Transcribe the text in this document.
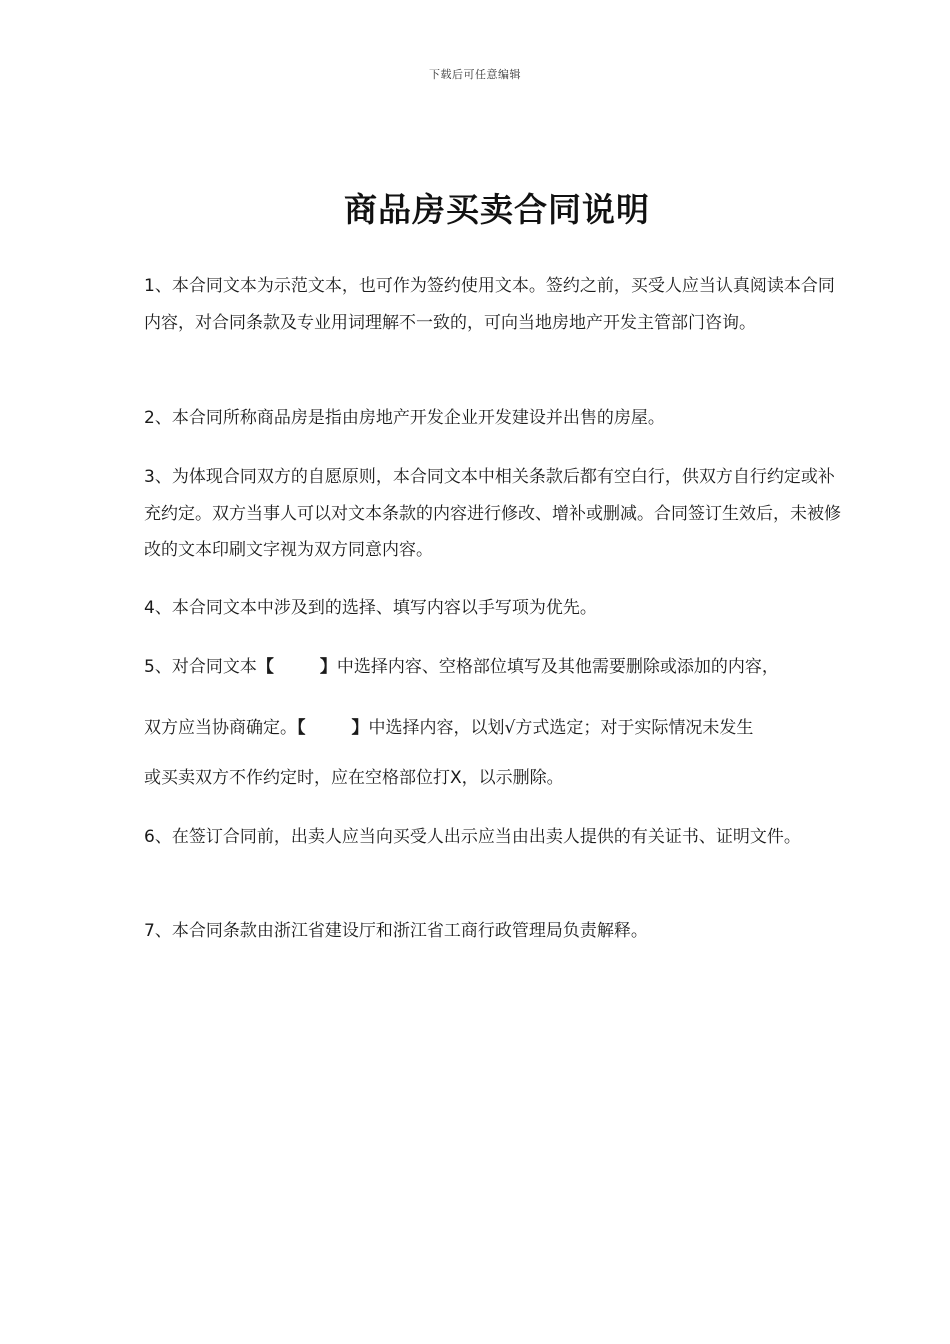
下载后可任意编辑
商品房买卖合同说明

1、本合同文本为示范文本，也可作为签约使用文本。签约之前，买受人应当认真阅读本合同内容，对合同条款及专业用词理解不一致的，可向当地房地产开发主管部门咨询。

2、本合同所称商品房是指由房地产开发企业开发建设并出售的房屋。

3、为体现合同双方的自愿原则，本合同文本中相关条款后都有空白行，供双方自行约定或补充约定。双方当事人可以对文本条款的内容进行修改、增补或删减。合同签订生效后，未被修改的文本印刷文字视为双方同意内容。

4、本合同文本中涉及到的选择、填写内容以手写项为优先。

5、对合同文本【	】中选择内容、空格部位填写及其他需要删除或添加的内容，

双方应当协商确定。【	】中选择内容，以划√方式选定；对于实际情况未发生

或买卖双方不作约定时，应在空格部位打X，以示删除。

6、在签订合同前，出卖人应当向买受人出示应当由出卖人提供的有关证书、证明文件。

7、本合同条款由浙江省建设厅和浙江省工商行政管理局负责解释。
